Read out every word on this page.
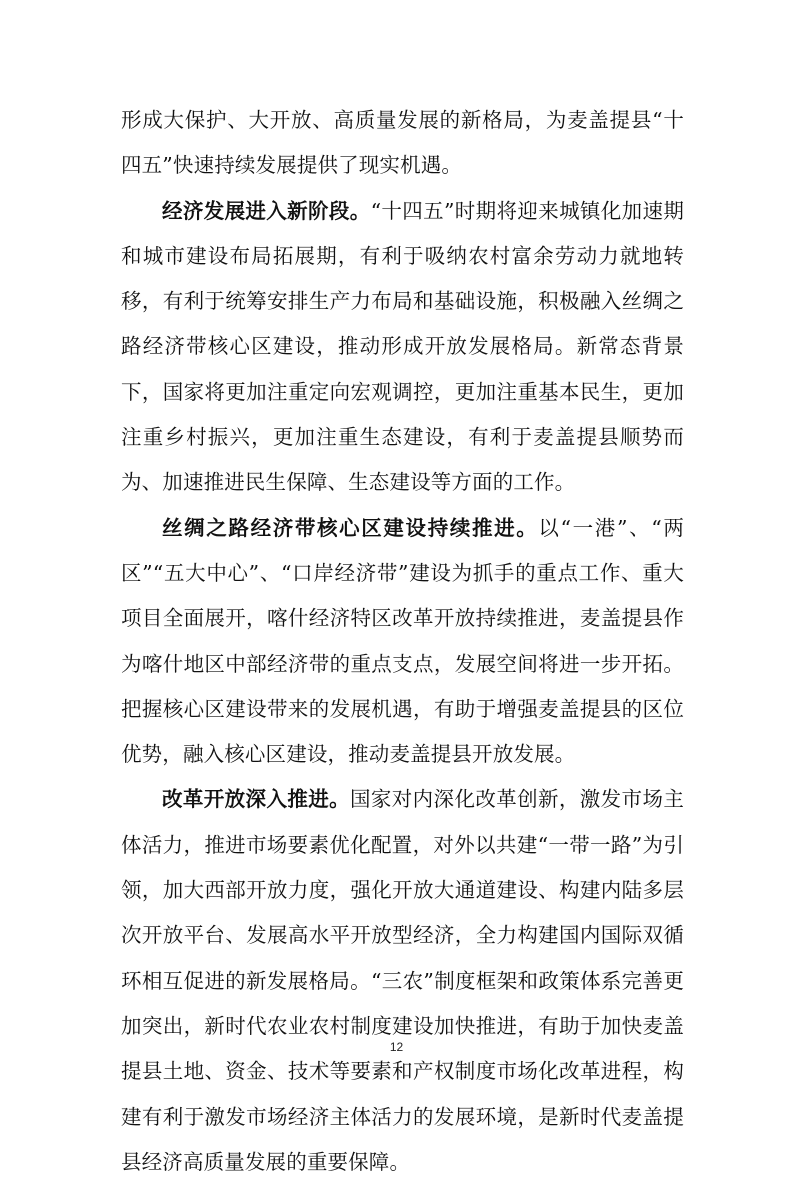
形成大保护、大开放、高质量发展的新格局，为麦盖提县“十四五”快速持续发展提供了现实机遇。

经济发展进入新阶段。“十四五”时期将迎来城镇化加速期和城市建设布局拓展期，有利于吸纳农村富余劳动力就地转移，有利于统筹安排生产力布局和基础设施，积极融入丝绸之路经济带核心区建设，推动形成开放发展格局。新常态背景下，国家将更加注重定向宏观调控，更加注重基本民生，更加注重乡村振兴，更加注重生态建设，有利于麦盖提县顺势而为、加速推进民生保障、生态建设等方面的工作。

丝绸之路经济带核心区建设持续推进。以“一港”、“两区”“五大中心”、“口岸经济带”建设为抓手的重点工作、重大项目全面展开，喀什经济特区改革开放持续推进，麦盖提县作为喀什地区中部经济带的重点支点，发展空间将进一步开拓。把握核心区建设带来的发展机遇，有助于增强麦盖提县的区位优势，融入核心区建设，推动麦盖提县开放发展。

改革开放深入推进。国家对内深化改革创新，激发市场主体活力，推进市场要素优化配置，对外以共建“一带一路”为引领，加大西部开放力度，强化开放大通道建设、构建内陆多层次开放平台、发展高水平开放型经济，全力构建国内国际双循环相互促进的新发展格局。“三农”制度框架和政策体系完善更加突出，新时代农业农村制度建设加快推进，有助于加快麦盖提县土地、资金、技术等要素和产权制度市场化改革进程，构建有利于激发市场经济主体活力的发展环境，是新时代麦盖提县经济高质量发展的重要保障。

12
